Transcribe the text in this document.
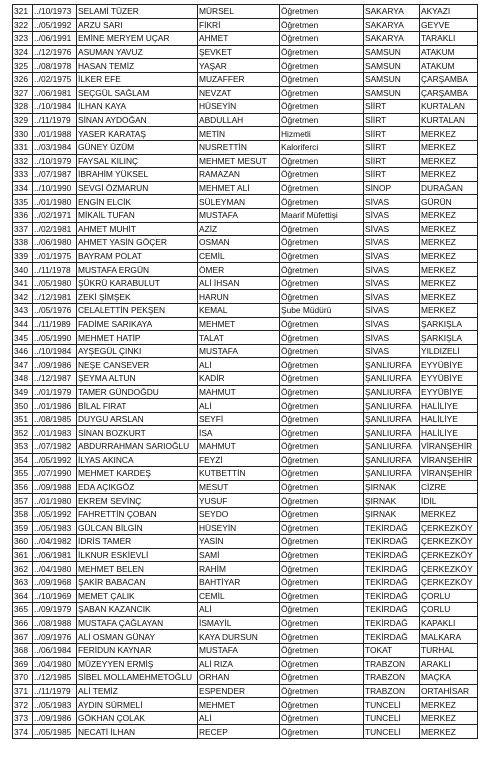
321	../10/1973	SELAMİ TÜZER	MÜRSEL	Öğretmen	SAKARYA	AKYAZI
322	../05/1992	ARZU SARI	FİKRİ	Öğretmen	SAKARYA	GEYVE
323	../06/1991	EMİNE MERYEM UÇAR	AHMET	Öğretmen	SAKARYA	TARAKLI
324	../12/1976	ASUMAN YAVUZ	ŞEVKET	Öğretmen	SAMSUN	ATAKUM
325	../08/1978	HASAN TEMİZ	YAŞAR	Öğretmen	SAMSUN	ATAKUM
326	../02/1975	İLKER EFE	MUZAFFER	Öğretmen	SAMSUN	ÇARŞAMBA
327	../06/1981	SEÇGÜL SAĞLAM	NEVZAT	Öğretmen	SAMSUN	ÇARŞAMBA
328	../10/1984	İLHAN KAYA	HÜSEYİN	Öğretmen	SİİRT	KURTALAN
329	../11/1979	SİNAN AYDOĞAN	ABDULLAH	Öğretmen	SİİRT	KURTALAN
330	../01/1988	YASER KARATAŞ	METİN	Hizmetli	SİİRT	MERKEZ
331	../03/1984	GÜNEY ÜZÜM	NUSRETTİN	Kaloriferci	SİİRT	MERKEZ
332	../10/1979	FAYSAL KILINÇ	MEHMET MESUT	Öğretmen	SİİRT	MERKEZ
333	../07/1987	İBRAHİM YÜKSEL	RAMAZAN	Öğretmen	SİİRT	MERKEZ
334	../10/1990	SEVGİ ÖZMARUN	MEHMET ALİ	Öğretmen	SİNOP	DURAĞAN
335	../01/1980	ENGİN ELCİK	SÜLEYMAN	Öğretmen	SİVAS	GÜRÜN
336	../02/1971	MİKAİL TUFAN	MUSTAFA	Maarif Müfettişi	SİVAS	MERKEZ
337	../02/1981	AHMET MUHİT	AZİZ	Öğretmen	SİVAS	MERKEZ
338	../06/1980	AHMET YASİN GÖÇER	OSMAN	Öğretmen	SİVAS	MERKEZ
339	../01/1975	BAYRAM POLAT	CEMİL	Öğretmen	SİVAS	MERKEZ
340	../11/1978	MUSTAFA ERGÜN	ÖMER	Öğretmen	SİVAS	MERKEZ
341	../05/1980	ŞÜKRÜ KARABULUT	ALİ İHSAN	Öğretmen	SİVAS	MERKEZ
342	../12/1981	ZEKİ ŞİMŞEK	HARUN	Öğretmen	SİVAS	MERKEZ
343	../05/1976	CELALETTİN PEKŞEN	KEMAL	Şube Müdürü	SİVAS	MERKEZ
344	../11/1989	FADİME SARIKAYA	MEHMET	Öğretmen	SİVAS	ŞARKIŞLA
345	../05/1990	MEHMET HATİP	TALAT	Öğretmen	SİVAS	ŞARKIŞLA
346	../10/1984	AYŞEGÜL ÇINKI	MUSTAFA	Öğretmen	SİVAS	YILDIZELİ
347	../09/1986	NEŞE CANSEVER	ALİ	Öğretmen	ŞANLIURFA	EYYÜBİYE
348	../12/1987	ŞEYMA ALTUN	KADİR	Öğretmen	ŞANLIURFA	EYYÜBİYE
349	../01/1979	TAMER GÜNDOĞDU	MAHMUT	Öğretmen	ŞANLIURFA	EYYÜBİYE
350	../01/1986	BİLAL FIRAT	ALİ	Öğretmen	ŞANLIURFA	HALİLİYE
351	../08/1985	DUYGU ARSLAN	SEYFİ	Öğretmen	ŞANLIURFA	HALİLİYE
352	../01/1983	SİNAN BOZKURT	İSA	Öğretmen	ŞANLIURFA	HALİLİYE
353	../07/1982	ABDURRAHMAN SARIOĞLU	MAHMUT	Öğretmen	ŞANLIURFA	VİRANŞEHİR
354	../05/1992	İLYAS AKINCA	FEYZİ	Öğretmen	ŞANLIURFA	VİRANŞEHİR
355	../07/1990	MEHMET KARDEŞ	KUTBETTİN	Öğretmen	ŞANLIURFA	VİRANŞEHİR
356	../09/1988	EDA AÇIKGÖZ	MESUT	Öğretmen	ŞIRNAK	CİZRE
357	../01/1980	EKREM SEVİNÇ	YUSUF	Öğretmen	ŞIRNAK	İDİL
358	../05/1992	FAHRETTİN ÇOBAN	SEYDO	Öğretmen	ŞIRNAK	MERKEZ
359	../05/1983	GÜLCAN BİLGİN	HÜSEYİN	Öğretmen	TEKİRDAĞ	ÇERKEZKÖY
360	../04/1982	İDRİS TAMER	YASİN	Öğretmen	TEKİRDAĞ	ÇERKEZKÖY
361	../06/1981	İLKNUR ESKİEVLİ	SAMİ	Öğretmen	TEKİRDAĞ	ÇERKEZKÖY
362	../04/1980	MEHMET BELEN	RAHİM	Öğretmen	TEKİRDAĞ	ÇERKEZKÖY
363	../09/1968	ŞAKİR BABACAN	BAHTİYAR	Öğretmen	TEKİRDAĞ	ÇERKEZKÖY
364	../10/1969	MEMET ÇALIK	CEMİL	Öğretmen	TEKİRDAĞ	ÇORLU
365	../09/1979	ŞABAN KAZANCIK	ALİ	Öğretmen	TEKİRDAĞ	ÇORLU
366	../08/1988	MUSTAFA ÇAĞLAYAN	İSMAYİL	Öğretmen	TEKİRDAĞ	KAPAKLI
367	../09/1976	ALİ OSMAN GÜNAY	KAYA DURSUN	Öğretmen	TEKİRDAĞ	MALKARA
368	../06/1984	FERİDUN KAYNAR	MUSTAFA	Öğretmen	TOKAT	TURHAL
369	../04/1980	MÜZEYYEN ERMİŞ	ALİ RIZA	Öğretmen	TRABZON	ARAKLI
370	../12/1985	SİBEL MOLLAMEHMETOĞLU	ORHAN	Öğretmen	TRABZON	MAÇKA
371	../11/1979	ALİ TEMİZ	ESPENDER	Öğretmen	TRABZON	ORTAHİSAR
372	../05/1983	AYDIN SÜRMELİ	MEHMET	Öğretmen	TUNCELİ	MERKEZ
373	../09/1986	GÖKHAN ÇOLAK	ALİ	Öğretmen	TUNCELİ	MERKEZ
374	../05/1985	NECATİ İLHAN	RECEP	Öğretmen	TUNCELİ	MERKEZ
